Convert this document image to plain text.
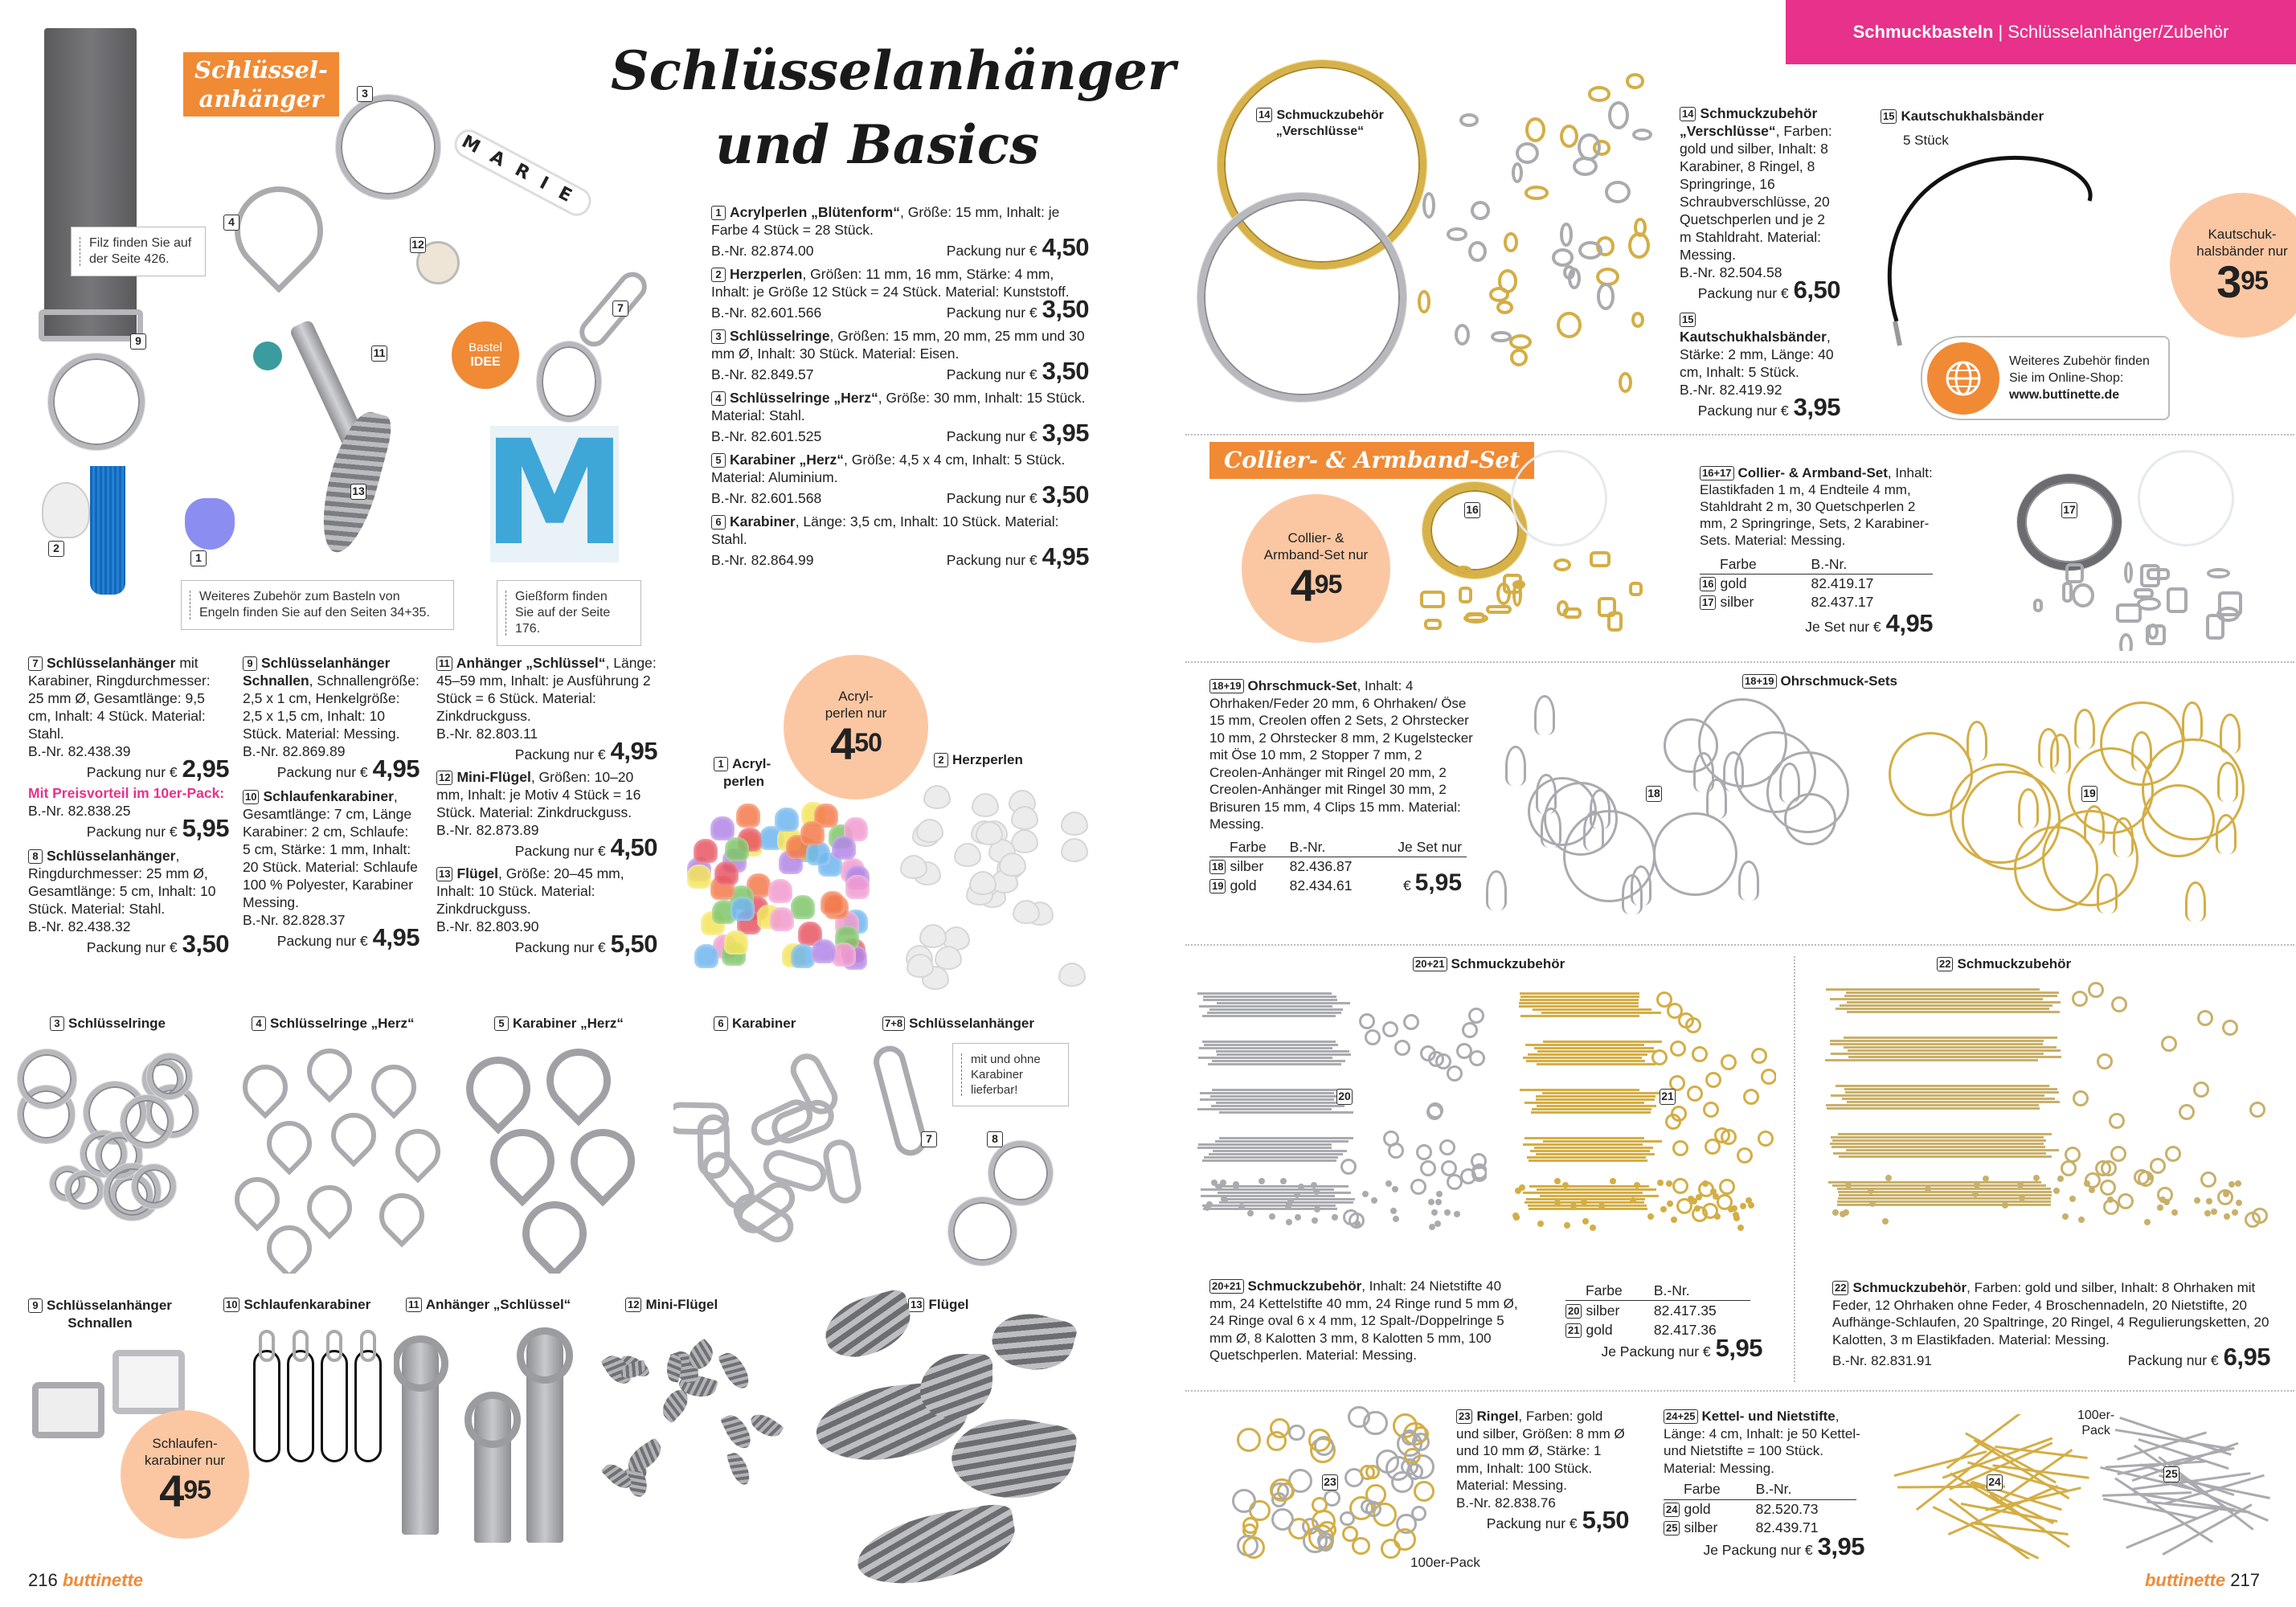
2
1
9
Schlüssel-
anhänger
Filz finden Sie auf der Seite 426.
4
11
13
3
MARIE
12
Bastel
IDEE
7
M
Weiteres Zubehör zum Basteln von Engeln finden Sie auf den Seiten 34+35.
Gießform finden Sie auf der Seite 176.
Schlüsselanhänger
und Basics
1 Acrylperlen „Blütenform“, Größe: 15 mm, Inhalt: je Farbe 4 Stück = 28 Stück.
B.-Nr. 82.874.00	Packung nur € 4,50
2 Herzperlen, Größen: 11 mm, 16 mm, Stärke: 4 mm, Inhalt: je Größe 12 Stück = 24 Stück. Material: Kunststoff.
B.-Nr. 82.601.566	Packung nur € 3,50
3 Schlüsselringe, Größen: 15 mm, 20 mm, 25 mm und 30 mm Ø, Inhalt: 30 Stück. Material: Eisen.
B.-Nr. 82.849.57	Packung nur € 3,50
4 Schlüsselringe „Herz“, Größe: 30 mm, Inhalt: 15 Stück. Material: Stahl.
B.-Nr. 82.601.525	Packung nur € 3,95
5 Karabiner „Herz“, Größe: 4,5 x 4 cm, Inhalt: 5 Stück. Material: Aluminium.
B.-Nr. 82.601.568	Packung nur € 3,50
6 Karabiner, Länge: 3,5 cm, Inhalt: 10 Stück. Material: Stahl.
B.-Nr. 82.864.99	Packung nur € 4,95
7 Schlüsselanhänger mit Karabiner, Ringdurchmesser: 25 mm Ø, Gesamtlänge: 9,5 cm, Inhalt: 4 Stück. Material: Stahl.
B.-Nr. 82.438.39
Packung nur € 2,95
Mit Preisvorteil im 10er-Pack:
B.-Nr. 82.838.25
Packung nur € 5,95
8 Schlüsselanhänger, Ringdurchmesser: 25 mm Ø, Gesamtlänge: 5 cm, Inhalt: 10 Stück. Material: Stahl.
B.-Nr. 82.438.32
Packung nur € 3,50
9 Schlüsselanhänger Schnallen, Schnallengröße: 2,5 x 1 cm, Henkelgröße: 2,5 x 1,5 cm, Inhalt: 10 Stück. Material: Messing.
B.-Nr. 82.869.89
Packung nur € 4,95
10 Schlaufenkarabiner, Gesamtlänge: 7 cm, Länge Karabiner: 2 cm, Schlaufe: 5 cm, Stärke: 1 mm, Inhalt: 20 Stück. Material: Schlaufe 100 % Polyester, Karabiner Messing.
B.-Nr. 82.828.37
Packung nur € 4,95
11 Anhänger „Schlüssel“, Länge: 45–59 mm, Inhalt: je Ausführung 2 Stück = 6 Stück. Material: Zinkdruckguss.
B.-Nr. 82.803.11
Packung nur € 4,95
12 Mini-Flügel, Größen: 10–20 mm, Inhalt: je Motiv 4 Stück = 16 Stück. Material: Zinkdruckguss.
B.-Nr. 82.873.89
Packung nur € 4,50
13 Flügel, Größe: 20–45 mm, Inhalt: 10 Stück. Material: Zinkdruckguss.
B.-Nr. 82.803.90
Packung nur € 5,50
Acryl-
perlen nur
$4^{50}$
1 Acryl-
perlen
2 Herzperlen
3 Schlüsselringe	4 Schlüsselringe „Herz“	5 Karabiner „Herz“	6 Karabiner	7+8 Schlüsselanhänger
mit und ohne Karabiner lieferbar!
7	8
9 Schlüsselanhänger
Schnallen
10 Schlaufenkarabiner
Schlaufen-
karabiner nur
$4^{95}$
11 Anhänger „Schlüssel“	12 Mini-Flügel	13 Flügel
216 buttinette
Schmuckbasteln | Schlüsselanhänger/Zubehör
14 Schmuckzubehör
„Verschlüsse“
14 Schmuckzubehör „Verschlüsse“, Farben: gold und silber, Inhalt: 8 Karabiner, 8 Ringel, 8 Springringe, 16 Schraubverschlüsse, 20 Quetschperlen und je 2 m Stahldraht. Material: Messing.
B.-Nr. 82.504.58
Packung nur € 6,50
15Kautschukhalsbänder, Stärke: 2 mm, Länge: 40 cm, Inhalt: 5 Stück.
B.-Nr. 82.419.92
Packung nur € 3,95
15 Kautschukhalsbänder
5 Stück
Kautschuk-
halsbänder nur
$3^{95}$
Weiteres Zubehör finden
Sie im Online-Shop:
www.buttinette.de
Collier- & Armband-Set
Collier- &
Armband-Set nur
$4^{95}$
16
16+17 Collier- & Armband-Set, Inhalt: Elastikfaden 1 m, 4 Endteile 4 mm, Stahldraht 2 m, 30 Quetschperlen 2 mm, 2 Springringe, Sets, 2 Karabiner-Sets. Material: Messing.
Farbe	B.-Nr.
16 gold	82.419.17
17 silber	82.437.17
Je Set nur € 4,95
17
18+19 Ohrschmuck-Set, Inhalt: 4 Ohrhaken/Feder 20 mm, 6 Ohrhaken/ Öse 15 mm, Creolen offen 2 Sets, 2 Ohrstecker 10 mm, 2 Ohrstecker 8 mm, 2 Kugelstecker mit Öse 10 mm, 2 Stopper 7 mm, 2 Creolen-Anhänger mit Ringel 20 mm, 2 Creolen-Anhänger mit Ringel 30 mm, 2 Brisuren 15 mm, 4 Clips 15 mm. Material: Messing.
Farbe	B.-Nr.	Je Set nur
18 silber	82.436.87	€ 5,95
19 gold	82.434.61	
18+19 Ohrschmuck-Sets
18	19
20+21 Schmuckzubehör
20	21
22 Schmuckzubehör
20+21 Schmuckzubehör, Inhalt: 24 Nietstifte 40 mm, 24 Kettelstifte 40 mm, 24 Ringe rund 5 mm Ø, 24 Ringe oval 6 x 4 mm, 12 Spalt-/Doppelringe 5 mm Ø, 8 Kalotten 3 mm, 8 Kalotten 5 mm, 100 Quetschperlen. Material: Messing.
Farbe	B.-Nr.
20 silber	82.417.35
21 gold	82.417.36
Je Packung nur € 5,95
22 Schmuckzubehör, Farben: gold und silber, Inhalt: 8 Ohrhaken mit Feder, 12 Ohrhaken ohne Feder, 4 Broschennadeln, 20 Nietstifte, 20 Aufhänge-Schlaufen, 20 Spaltringe, 20 Ringel, 4 Regulierungsketten, 20 Kalotten, 3 m Elastikfaden. Material: Messing.
B.-Nr. 82.831.91	Packung nur € 6,95
23
23 Ringel, Farben: gold und silber, Größen: 8 mm Ø und 10 mm Ø, Stärke: 1 mm, Inhalt: 100 Stück. Material: Messing.
B.-Nr. 82.838.76
Packung nur € 5,50
100er-Pack
24+25 Kettel- und Nietstifte, Länge: 4 cm, Inhalt: je 50 Kettel- und Nietstifte = 100 Stück. Material: Messing.
Farbe	B.-Nr.
24 gold	82.520.73
25 silber	82.439.71
Je Packung nur € 3,95
100er-
Pack
24
25
buttinette 217
